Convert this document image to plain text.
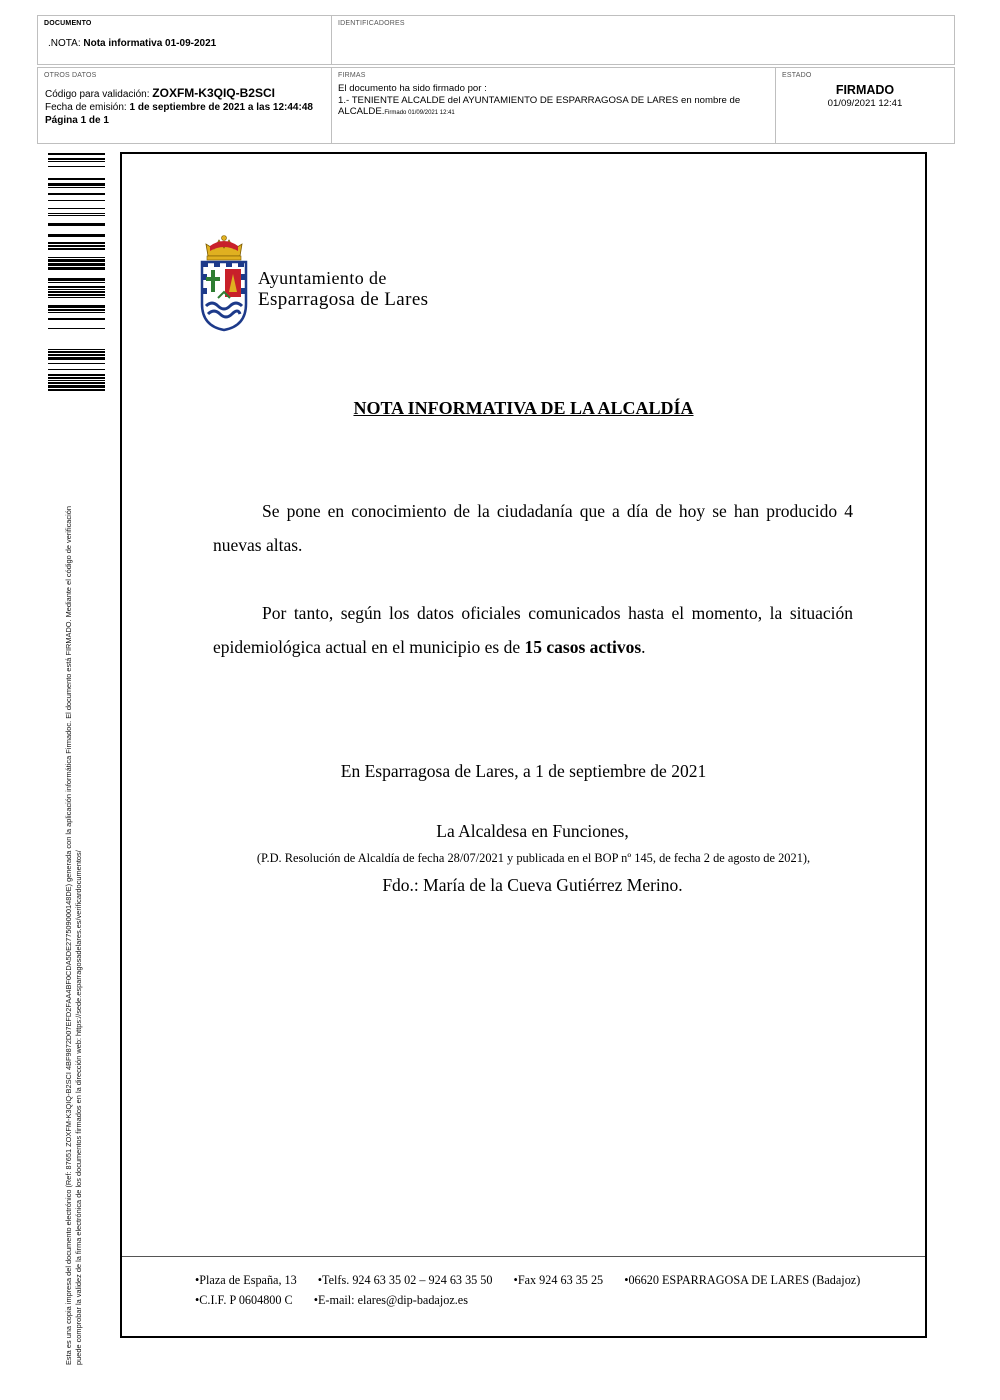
DOCUMENTO
.NOTA: Nota informativa 01-09-2021
IDENTIFICADORES
OTROS DATOS
Código para validación: ZOXFM-K3QIQ-B2SCI
Fecha de emisión: 1 de septiembre de 2021 a las 12:44:48
Página 1 de 1
FIRMAS
El documento ha sido firmado por :
1.- TENIENTE ALCALDE del AYUNTAMIENTO DE ESPARRAGOSA DE LARES en nombre de ALCALDE.Firmado 01/09/2021 12:41
ESTADO
FIRMADO
01/09/2021 12:41
Esta es una copia impresa del documento electrónico (Ref: 87651 ZOXFM-K3QIQ-B2SCI 4BF9872D07EFD2FAA4BF0CDA5DE277509000148DE) generada con la aplicación informática Firmadoc. El documento está FIRMADO. Mediante el código de verificación puede comprobar la validez de la firma electrónica de los documentos firmados en la dirección web: https://sede.esparragosadelares.es/verificardocumentos/
Ayuntamiento de
Esparragosa de Lares
NOTA INFORMATIVA DE LA ALCALDÍA
Se pone en conocimiento de la ciudadanía que a día de hoy se han producido 4 nuevas altas.
Por tanto, según los datos oficiales comunicados hasta el momento, la situación epidemiológica actual en el municipio es de 15 casos activos.
En Esparragosa de Lares, a 1 de septiembre de 2021
La Alcaldesa en Funciones,
(P.D. Resolución de Alcaldía de fecha 28/07/2021 y publicada en el BOP nº 145, de fecha 2 de agosto de 2021),
Fdo.: María de la Cueva Gutiérrez Merino.
•Plaza de España, 13 •Telfs. 924 63 35 02 – 924 63 35 50 •Fax 924 63 35 25 •06620 ESPARRAGOSA DE LARES (Badajoz)
•C.I.F. P 0604800 C •E-mail: elares@dip-badajoz.es
